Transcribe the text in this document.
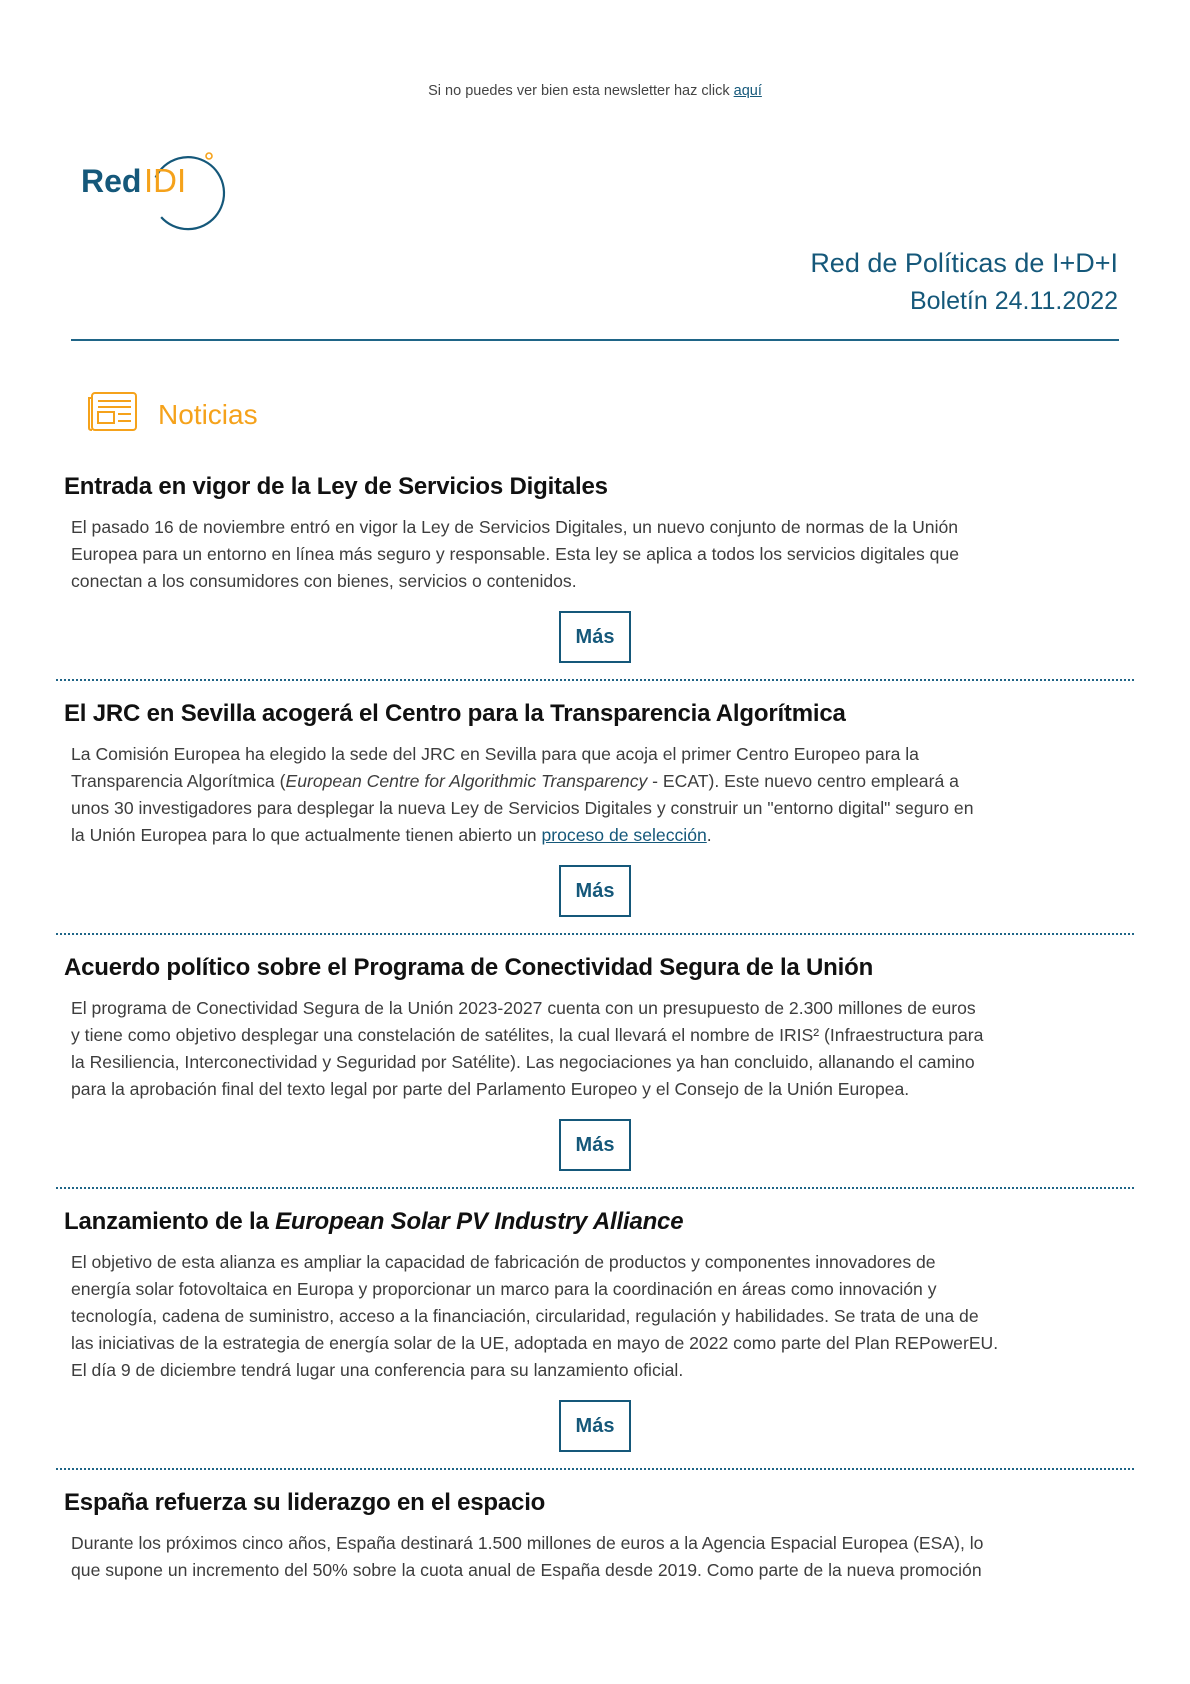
Si no puedes ver bien esta newsletter haz click aquí
Red IDI
Red de Políticas de I+D+I
Boletín 24.11.2022
Noticias
Entrada en vigor de la Ley de Servicios Digitales
El pasado 16 de noviembre entró en vigor la Ley de Servicios Digitales, un nuevo conjunto de normas de la Unión
Europea para un entorno en línea más seguro y responsable. Esta ley se aplica a todos los servicios digitales que
conectan a los consumidores con bienes, servicios o contenidos.
Más
El JRC en Sevilla acogerá el Centro para la Transparencia Algorítmica
La Comisión Europea ha elegido la sede del JRC en Sevilla para que acoja el primer Centro Europeo para la
Transparencia Algorítmica (European Centre for Algorithmic Transparency - ECAT). Este nuevo centro empleará a
unos 30 investigadores para desplegar la nueva Ley de Servicios Digitales y construir un "entorno digital" seguro en
la Unión Europea para lo que actualmente tienen abierto un proceso de selección.
Más
Acuerdo político sobre el Programa de Conectividad Segura de la Unión
El programa de Conectividad Segura de la Unión 2023-2027 cuenta con un presupuesto de 2.300 millones de euros
y tiene como objetivo desplegar una constelación de satélites, la cual llevará el nombre de IRIS² (Infraestructura para
la Resiliencia, Interconectividad y Seguridad por Satélite). Las negociaciones ya han concluido, allanando el camino
para la aprobación final del texto legal por parte del Parlamento Europeo y el Consejo de la Unión Europea.
Más
Lanzamiento de la European Solar PV Industry Alliance
El objetivo de esta alianza es ampliar la capacidad de fabricación de productos y componentes innovadores de
energía solar fotovoltaica en Europa y proporcionar un marco para la coordinación en áreas como innovación y
tecnología, cadena de suministro, acceso a la financiación, circularidad, regulación y habilidades. Se trata de una de
las iniciativas de la estrategia de energía solar de la UE, adoptada en mayo de 2022 como parte del Plan REPowerEU.
El día 9 de diciembre tendrá lugar una conferencia para su lanzamiento oficial.
Más
España refuerza su liderazgo en el espacio
Durante los próximos cinco años, España destinará 1.500 millones de euros a la Agencia Espacial Europea (ESA), lo
que supone un incremento del 50% sobre la cuota anual de España desde 2019. Como parte de la nueva promoción
